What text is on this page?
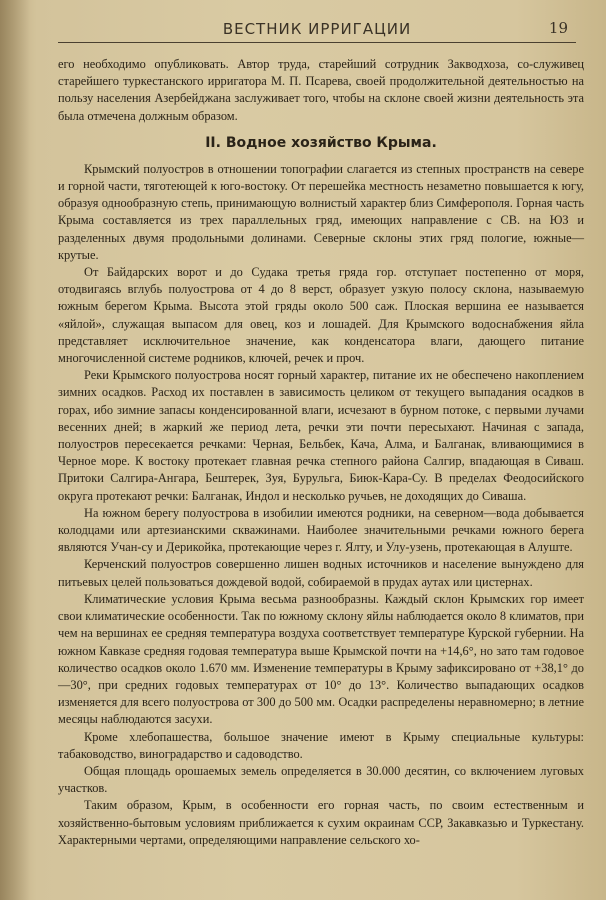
ВЕСТНИК ИРРИГАЦИИ	19

его необходимо опубликовать. Автор труда, старейший сотрудник Закводхоза, со-служивец старейшего туркестанского ирригатора М. П. Псарева, своей продолжительной деятельностью на пользу населения Азербейджана заслуживает того, чтобы на склоне своей жизни деятельность эта была отмечена должным образом.

II. Водное хозяйство Крыма.

Крымский полуостров в отношении топографии слагается из степных пространств на севере и горной части, тяготеющей к юго-востоку. От перешейка местность незаметно повышается к югу, образуя однообразную степь, принимающую волнистый характер близ Симферополя. Горная часть Крыма составляется из трех параллельных гряд, имеющих направление с СВ. на ЮЗ и разделенных двумя продольными долинами. Северные склоны этих гряд пологие, южные—крутые.

От Байдарских ворот и до Судака третья гряда гор. отступает постепенно от моря, отодвигаясь вглубь полуострова от 4 до 8 верст, образует узкую полосу склона, называемую южным берегом Крыма. Высота этой гряды около 500 саж. Плоская вершина ее называется «яйлой», служащая выпасом для овец, коз и лошадей. Для Крымского водоснабжения яйла представляет исключительное значение, как конденсатора влаги, дающего питание многочисленной системе родников, ключей, речек и проч.

Реки Крымского полуострова носят горный характер, питание их не обеспечено накоплением зимних осадков. Расход их поставлен в зависимость целиком от текущего выпадания осадков в горах, ибо зимние запасы конденсированной влаги, исчезают в бурном потоке, с первыми лучами весенних дней; в жаркий же период лета, речки эти почти пересыхают. Начиная с запада, полуостров пересекается речками: Черная, Бельбек, Кача, Алма, и Балганак, вливающимися в Черное море. К востоку протекает главная речка степного района Салгир, впадающая в Сиваш. Притоки Салгира-Ангара, Бештерек, Зуя, Бурульга, Биюк-Кара-Су. В пределах Феодосийского округа протекают речки: Балганак, Индол и несколько ручьев, не доходящих до Сиваша.

На южном берегу полуострова в изобилии имеются родники, на северном—вода добывается колодцами или артезианскими скважинами. Наиболее значительными речками южного берега являются Учан-су и Дерикойка, протекающие через г. Ялту, и Улу-узень, протекающая в Алуште.

Керченский полуостров совершенно лишен водных источников и население вынуждено для питьевых целей пользоваться дождевой водой, собираемой в прудах аутах или цистернах.

Климатические условия Крыма весьма разнообразны. Каждый склон Крымских гор имеет свои климатические особенности. Так по южному склону яйлы наблюдается около 8 климатов, при чем на вершинах ее средняя температура воздуха соответствует температуре Курской губернии. На южном Кавказе средняя годовая температура выше Крымской почти на +14,6°, но зато там годовое количество осадков около 1.670 мм. Изменение температуры в Крыму зафиксировано от +38,1° до —30°, при средних годовых температурах от 10° до 13°. Количество выпадающих осадков изменяется для всего полуострова от 300 до 500 мм. Осадки распределены неравномерно; в летние месяцы наблюдаются засухи.

Кроме хлебопашества, большое значение имеют в Крыму специальные культуры: табаководство, виноградарство и садоводство.

Общая площадь орошаемых земель определяется в 30.000 десятин, со включением луговых участков.

Таким образом, Крым, в особенности его горная часть, по своим естественным и хозяйственно-бытовым условиям приближается к сухим окраинам ССР, Закавказью и Туркестану. Характерными чертами, определяющими направление сельского хо-
